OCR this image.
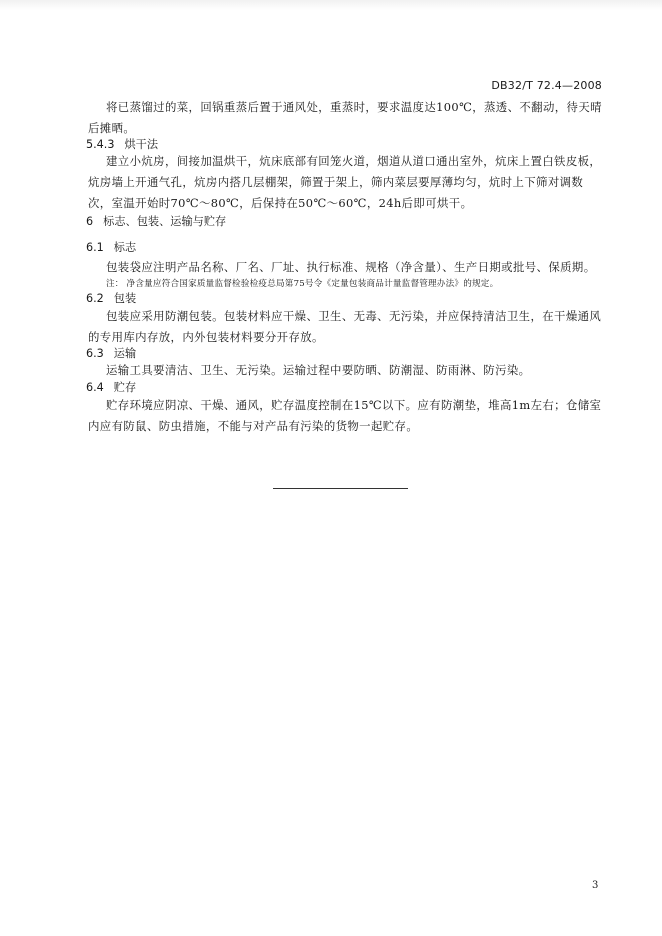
DB32/T 72.4—2008

将已蒸馏过的菜，回锅重蒸后置于通风处，重蒸时，要求温度达100℃，蒸透、不翻动，待天晴后摊晒。

5.4.3 烘干法

建立小炕房，间接加温烘干，炕床底部有回笼火道，烟道从道口通出室外，炕床上置白铁皮板，炕房墙上开通气孔，炕房内搭几层棚架，筛置于架上，筛内菜层要厚薄均匀，炕时上下筛对调数次，室温开始时70℃～80℃，后保持在50℃～60℃，24h后即可烘干。

6 标志、包装、运输与贮存
6.1 标志

包装袋应注明产品名称、厂名、厂址、执行标准、规格（净含量）、生产日期或批号、保质期。

注： 净含量应符合国家质量监督检验检疫总局第75号令《定量包装商品计量监督管理办法》的规定。

6.2 包装

包装应采用防潮包装。包装材料应干燥、卫生、无毒、无污染，并应保持清洁卫生，在干燥通风的专用库内存放，内外包装材料要分开存放。

6.3 运输

运输工具要清洁、卫生、无污染。运输过程中要防晒、防潮湿、防雨淋、防污染。

6.4 贮存

贮存环境应阴凉、干燥、通风，贮存温度控制在15℃以下。应有防潮垫，堆高1m左右；仓储室内应有防鼠、防虫措施，不能与对产品有污染的货物一起贮存。

3
